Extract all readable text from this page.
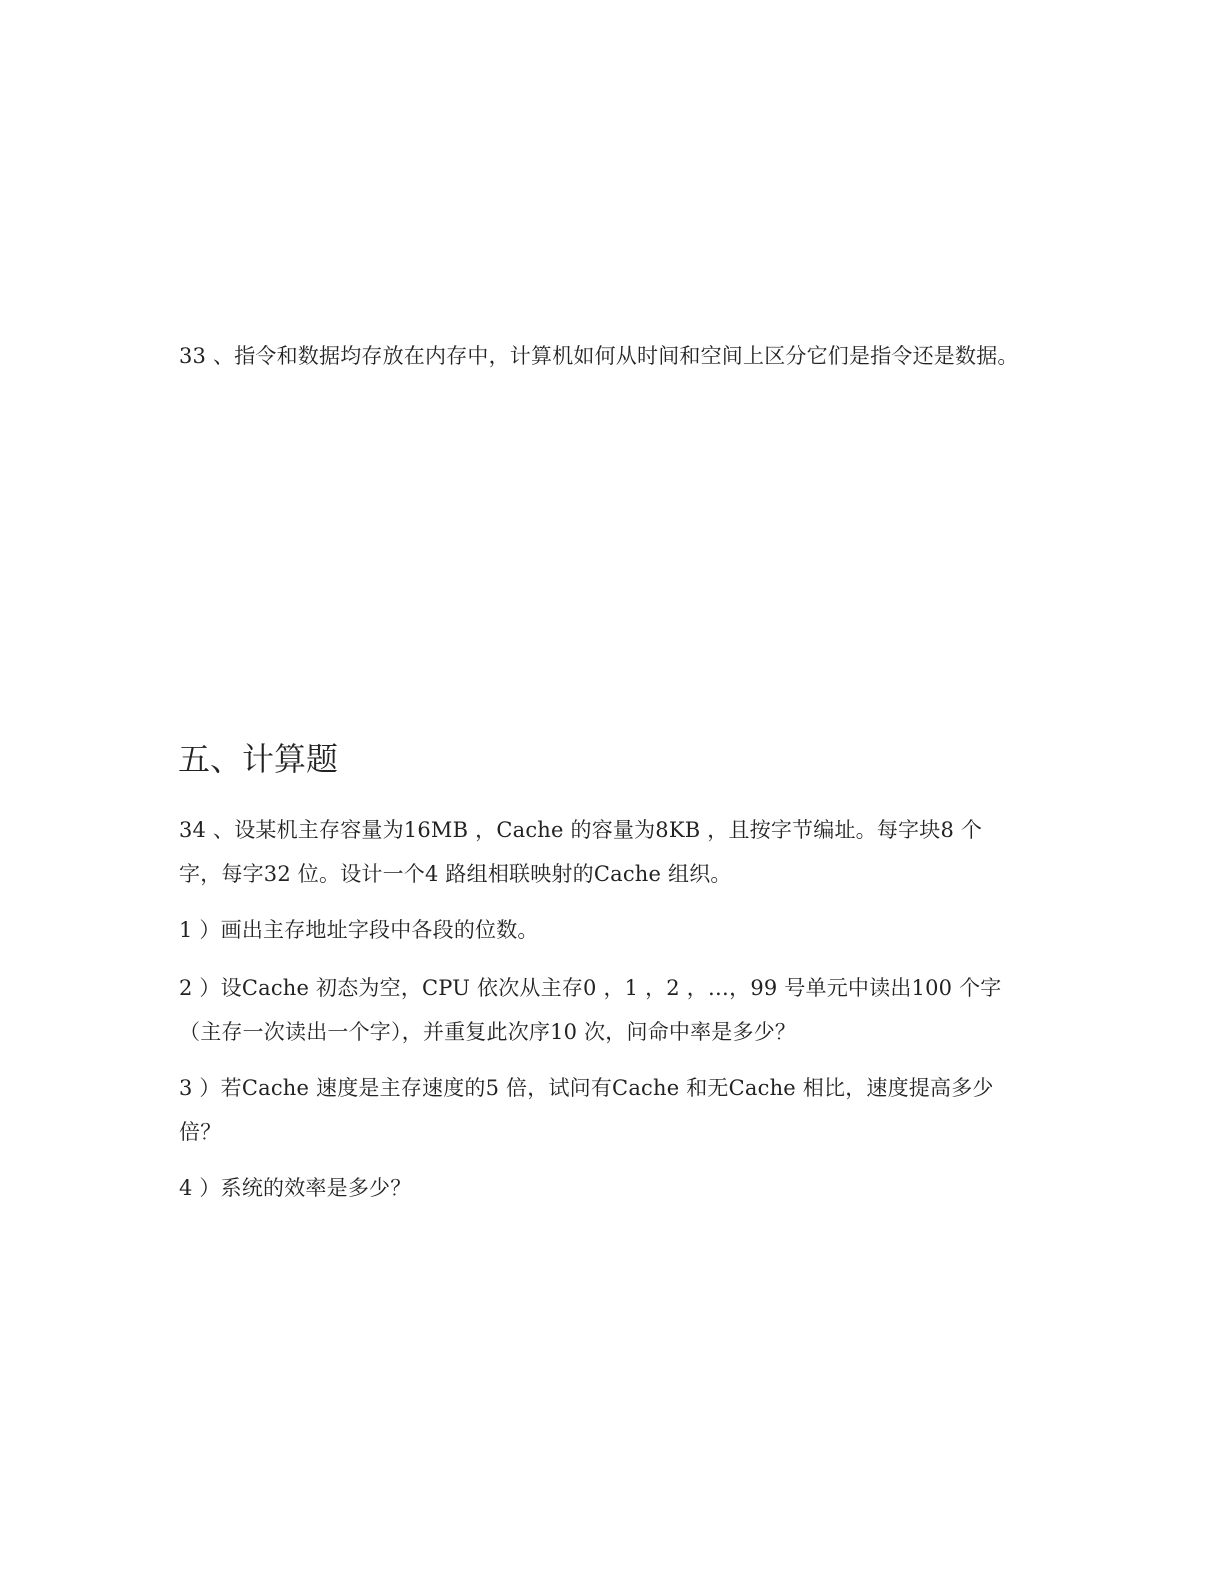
33 、指令和数据均存放在内存中，计算机如何从时间和空间上区分它们是指令还是数据。
五、计算题
34 、设某机主存容量为16MB ，Cache 的容量为8KB ，且按字节编址。每字块8 个
字，每字32 位。设计一个4 路组相联映射的Cache 组织。
1 ）画出主存地址字段中各段的位数。
2 ）设Cache 初态为空，CPU 依次从主存0 ，1 ，2 ，…，99 号单元中读出100 个字
（主存一次读出一个字），并重复此次序10 次，问命中率是多少？
3 ）若Cache 速度是主存速度的5 倍，试问有Cache 和无Cache 相比，速度提高多少
倍？
4 ）系统的效率是多少？
